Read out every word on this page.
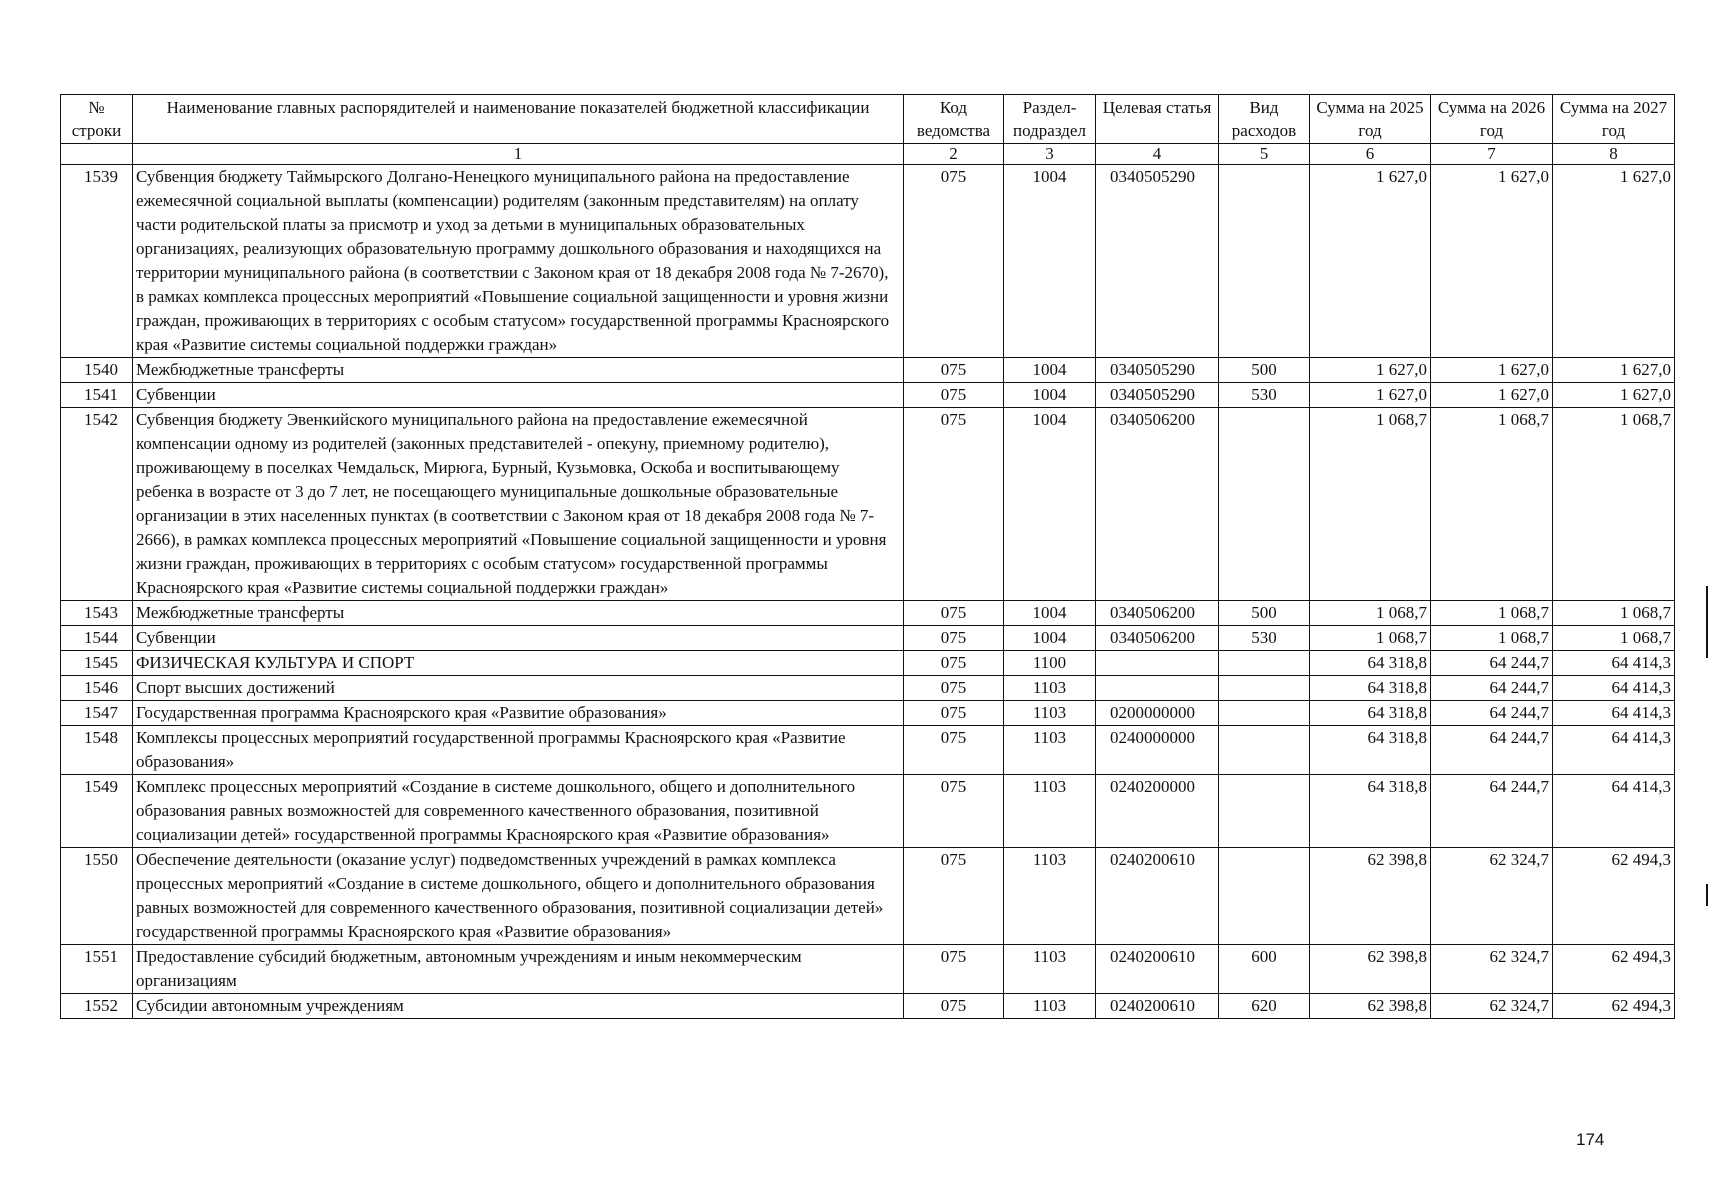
№ строки	Наименование главных распорядителей и наименование показателей бюджетной классификации	Код ведомства	Раздел-подраздел	Целевая статья	Вид расходов	Сумма на 2025 год	Сумма на 2026 год	Сумма на 2027 год
	1	2	3	4	5	6	7	8
1539	Субвенция бюджету Таймырского Долгано-Ненецкого муниципального района на предоставление ежемесячной социальной выплаты (компенсации) родителям (законным представителям) на оплату части родительской платы за присмотр и уход за детьми в муниципальных образовательных организациях, реализующих образовательную программу дошкольного образования и находящихся на территории муниципального района (в соответствии с Законом края от 18 декабря 2008 года № 7-2670), в рамках комплекса процессных мероприятий «Повышение социальной защищенности и уровня жизни граждан, проживающих в территориях с особым статусом» государственной программы Красноярского края «Развитие системы социальной поддержки граждан»	075	1004	0340505290		1 627,0	1 627,0	1 627,0
1540	Межбюджетные трансферты	075	1004	0340505290	500	1 627,0	1 627,0	1 627,0
1541	Субвенции	075	1004	0340505290	530	1 627,0	1 627,0	1 627,0
1542	Субвенция бюджету Эвенкийского муниципального района на предоставление ежемесячной компенсации одному из родителей (законных представителей - опекуну, приемному родителю), проживающему в поселках Чемдальск, Мирюга, Бурный, Кузьмовка, Оскоба и воспитывающему ребенка в возрасте от 3 до 7 лет, не посещающего муниципальные дошкольные образовательные организации в этих населенных пунктах (в соответствии с Законом края от 18 декабря 2008 года № 7-2666), в рамках комплекса процессных мероприятий «Повышение социальной защищенности и уровня жизни граждан, проживающих в территориях с особым статусом» государственной программы Красноярского края «Развитие системы социальной поддержки граждан»	075	1004	0340506200		1 068,7	1 068,7	1 068,7
1543	Межбюджетные трансферты	075	1004	0340506200	500	1 068,7	1 068,7	1 068,7
1544	Субвенции	075	1004	0340506200	530	1 068,7	1 068,7	1 068,7
1545	ФИЗИЧЕСКАЯ КУЛЬТУРА И СПОРТ	075	1100			64 318,8	64 244,7	64 414,3
1546	Спорт высших достижений	075	1103			64 318,8	64 244,7	64 414,3
1547	Государственная программа Красноярского края «Развитие образования»	075	1103	0200000000		64 318,8	64 244,7	64 414,3
1548	Комплексы процессных мероприятий государственной программы Красноярского края «Развитие образования»	075	1103	0240000000		64 318,8	64 244,7	64 414,3
1549	Комплекс процессных мероприятий «Создание в системе дошкольного, общего и дополнительного образования равных возможностей для современного качественного образования, позитивной социализации детей» государственной программы Красноярского края «Развитие образования»	075	1103	0240200000		64 318,8	64 244,7	64 414,3
1550	Обеспечение деятельности (оказание услуг) подведомственных учреждений в рамках комплекса процессных мероприятий «Создание в системе дошкольного, общего и дополнительного образования равных возможностей для современного качественного образования, позитивной социализации детей» государственной программы Красноярского края «Развитие образования»	075	1103	0240200610		62 398,8	62 324,7	62 494,3
1551	Предоставление субсидий бюджетным, автономным учреждениям и иным некоммерческим организациям	075	1103	0240200610	600	62 398,8	62 324,7	62 494,3
1552	Субсидии автономным учреждениям	075	1103	0240200610	620	62 398,8	62 324,7	62 494,3
174
